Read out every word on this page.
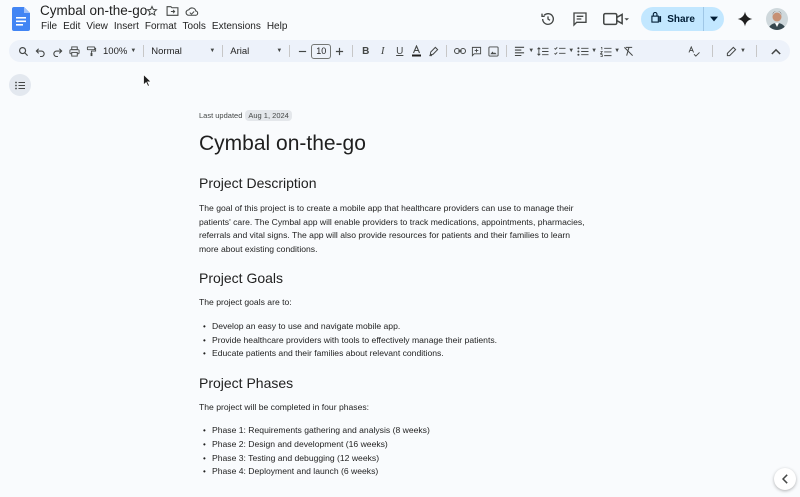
Cymbal on-the-go
File Edit View Insert Format Tools Extensions Help
Share
100% ▼ Normal	▼ Arial	▼	10	B	I	U	▼	▼	▼	▼	▼
Last updated Aug 1, 2024
Cymbal on-the-go
Project Description
The goal of this project is to create a mobile app that healthcare providers can use to manage their
patients' care. The Cymbal app will enable providers to track medications, appointments, pharmacies,
referrals and vital signs. The app will also provide resources for patients and their families to learn
more about existing conditions.
Project Goals
The project goals are to:
• Develop an easy to use and navigate mobile app.
• Provide healthcare providers with tools to effectively manage their patients.
• Educate patients and their families about relevant conditions.
Project Phases
The project will be completed in four phases:
• Phase 1: Requirements gathering and analysis (8 weeks)
• Phase 2: Design and development (16 weeks)
• Phase 3: Testing and debugging (12 weeks)
• Phase 4: Deployment and launch (6 weeks)
